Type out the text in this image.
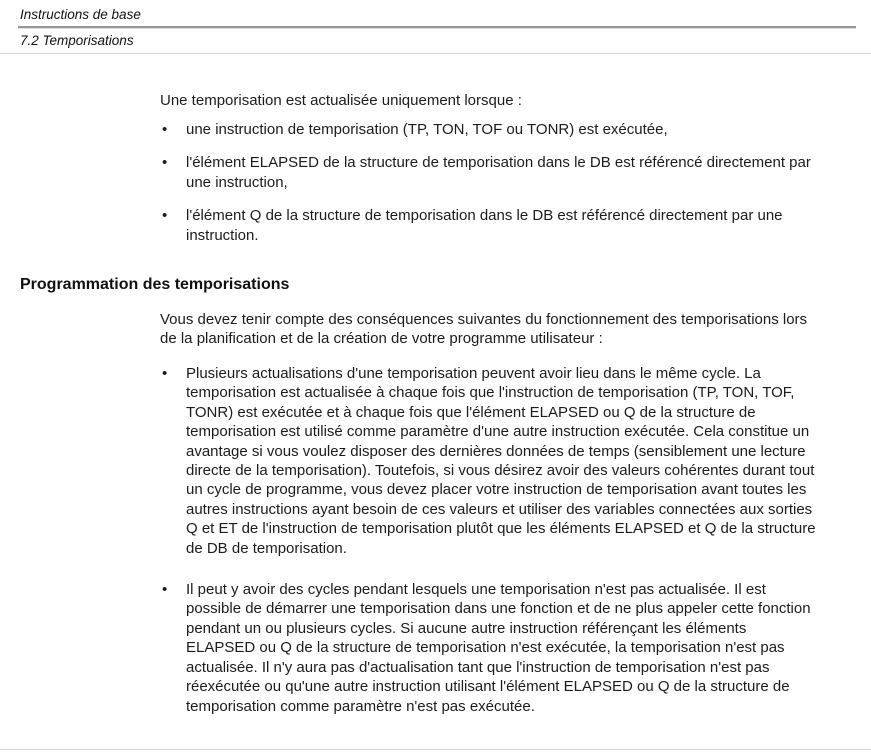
Instructions de base
7.2 Temporisations
Une temporisation est actualisée uniquement lorsque :
•	une instruction de temporisation (TP, TON, TOF ou TONR) est exécutée,
•	l'élément ELAPSED de la structure de temporisation dans le DB est référencé directement par une instruction,
•	l'élément Q de la structure de temporisation dans le DB est référencé directement par une instruction.
Programmation des temporisations
Vous devez tenir compte des conséquences suivantes du fonctionnement des temporisations lors de la planification et de la création de votre programme utilisateur :
•	Plusieurs actualisations d'une temporisation peuvent avoir lieu dans le même cycle. La temporisation est actualisée à chaque fois que l'instruction de temporisation (TP, TON, TOF, TONR) est exécutée et à chaque fois que l'élément ELAPSED ou Q de la structure de temporisation est utilisé comme paramètre d'une autre instruction exécutée. Cela constitue un avantage si vous voulez disposer des dernières données de temps (sensiblement une lecture directe de la temporisation). Toutefois, si vous désirez avoir des valeurs cohérentes durant tout un cycle de programme, vous devez placer votre instruction de temporisation avant toutes les autres instructions ayant besoin de ces valeurs et utiliser des variables connectées aux sorties Q et ET de l'instruction de temporisation plutôt que les éléments ELAPSED et Q de la structure de DB de temporisation.
•	Il peut y avoir des cycles pendant lesquels une temporisation n'est pas actualisée. Il est possible de démarrer une temporisation dans une fonction et de ne plus appeler cette fonction pendant un ou plusieurs cycles. Si aucune autre instruction référençant les éléments ELAPSED ou Q de la structure de temporisation n'est exécutée, la temporisation n'est pas actualisée. Il n'y aura pas d'actualisation tant que l'instruction de temporisation n'est pas réexécutée ou qu'une autre instruction utilisant l'élément ELAPSED ou Q de la structure de temporisation comme paramètre n'est pas exécutée.
